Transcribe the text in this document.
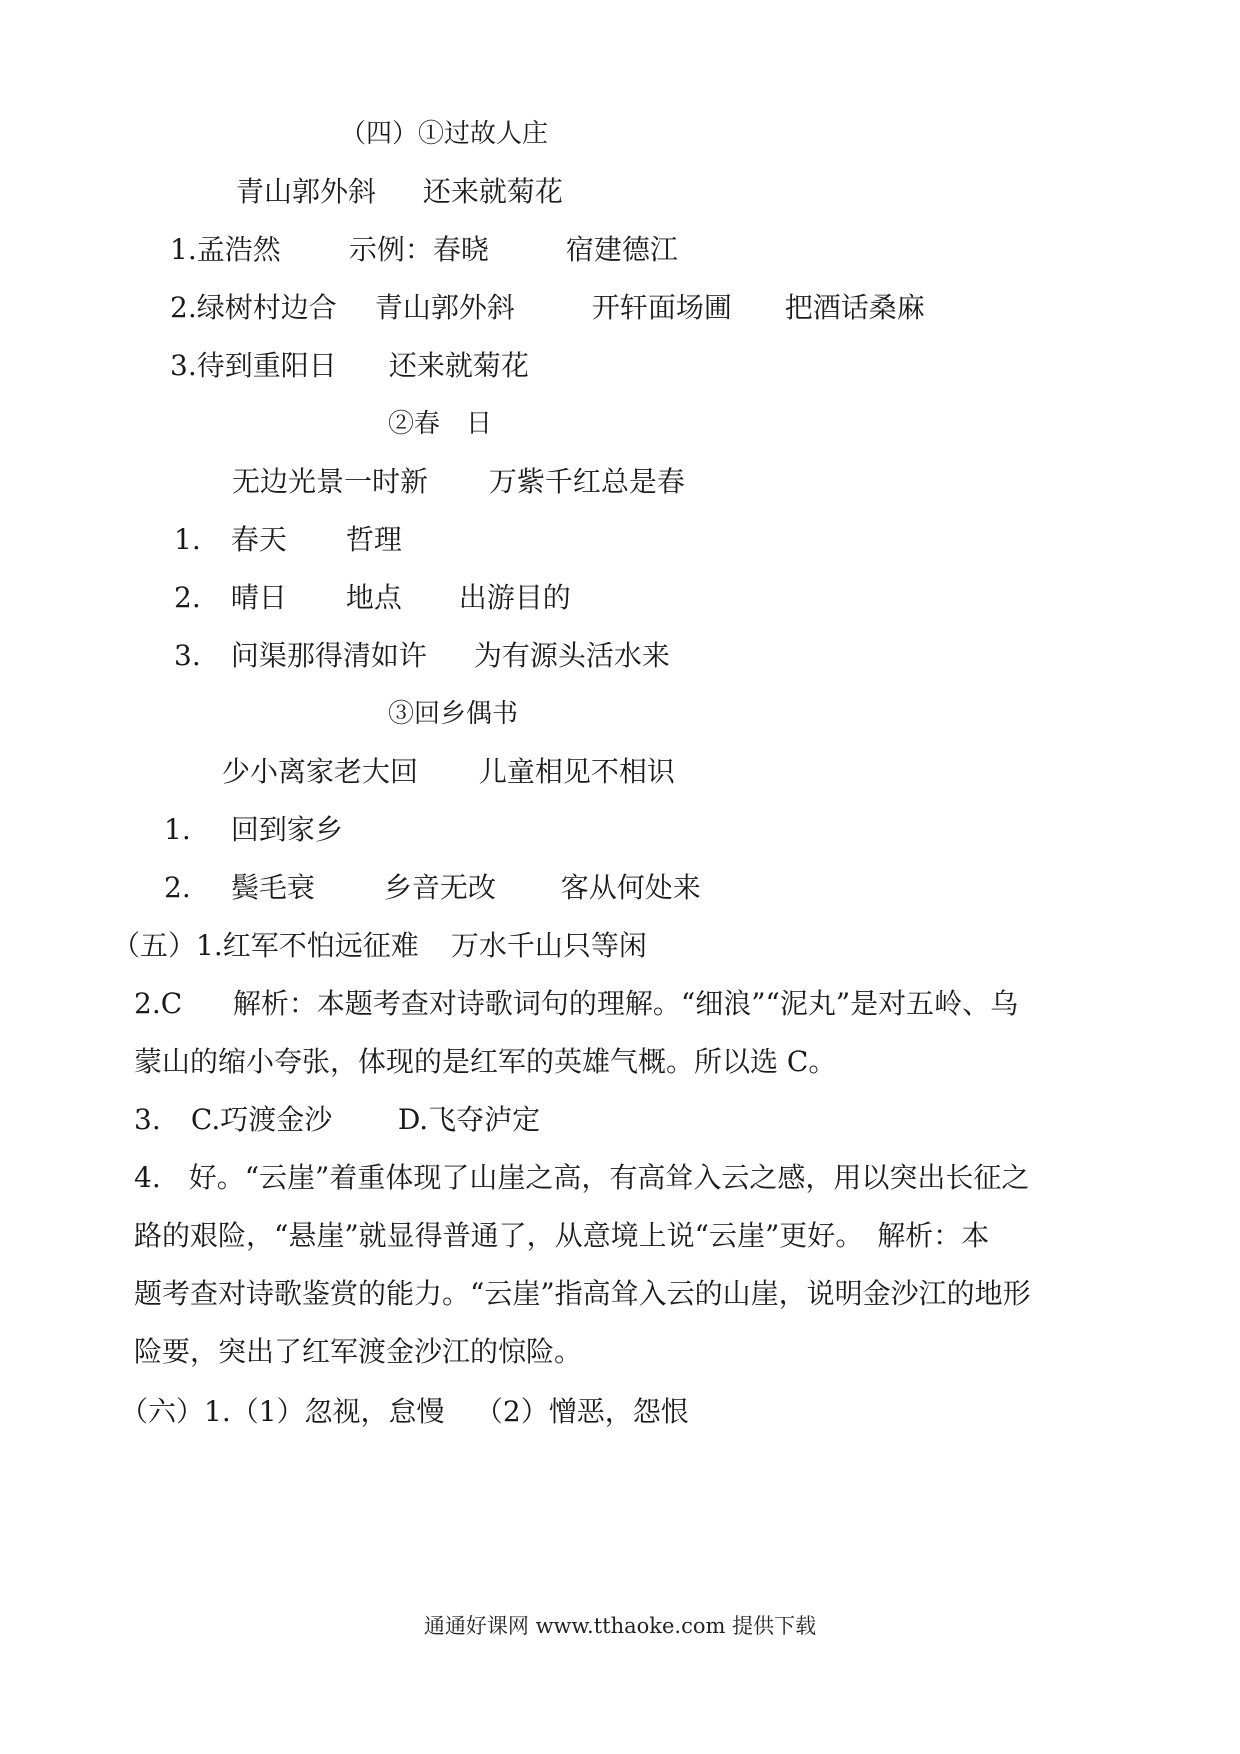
（四）①过故人庄
青山郭外斜 还来就菊花
1.孟浩然 示例：春晓	宿建德江
2.绿树村边合 青山郭外斜	开轩面场圃 把酒话桑麻
3.待到重阳日 还来就菊花
②春　日
无边光景一时新 万紫千红总是春
1. 春天 哲理
2. 晴日 地点 出游目的
3. 问渠那得清如许 为有源头活水来
③回乡偶书
少小离家老大回 儿童相见不相识
1. 回到家乡
2. 鬓毛衰 乡音无改 客从何处来
（五）1.红军不怕远征难 万水千山只等闲
2.C 解析：本题考查对诗歌词句的理解。“细浪”“泥丸”是对五岭、乌
蒙山的缩小夸张，体现的是红军的英雄气概。所以选 C。
3. C.巧渡金沙 D.飞夺泸定
4.　好。“云崖”着重体现了山崖之高，有高耸入云之感，用以突出长征之
路的艰险，“悬崖”就显得普通了，从意境上说“云崖”更好。　解析：本
题考查对诗歌鉴赏的能力。“云崖”指高耸入云的山崖，说明金沙江的地形
险要，突出了红军渡金沙江的惊险。
（六）1.（1）忽视，怠慢 （2）憎恶，怨恨
通通好课网 www.tthaoke.com 提供下载
